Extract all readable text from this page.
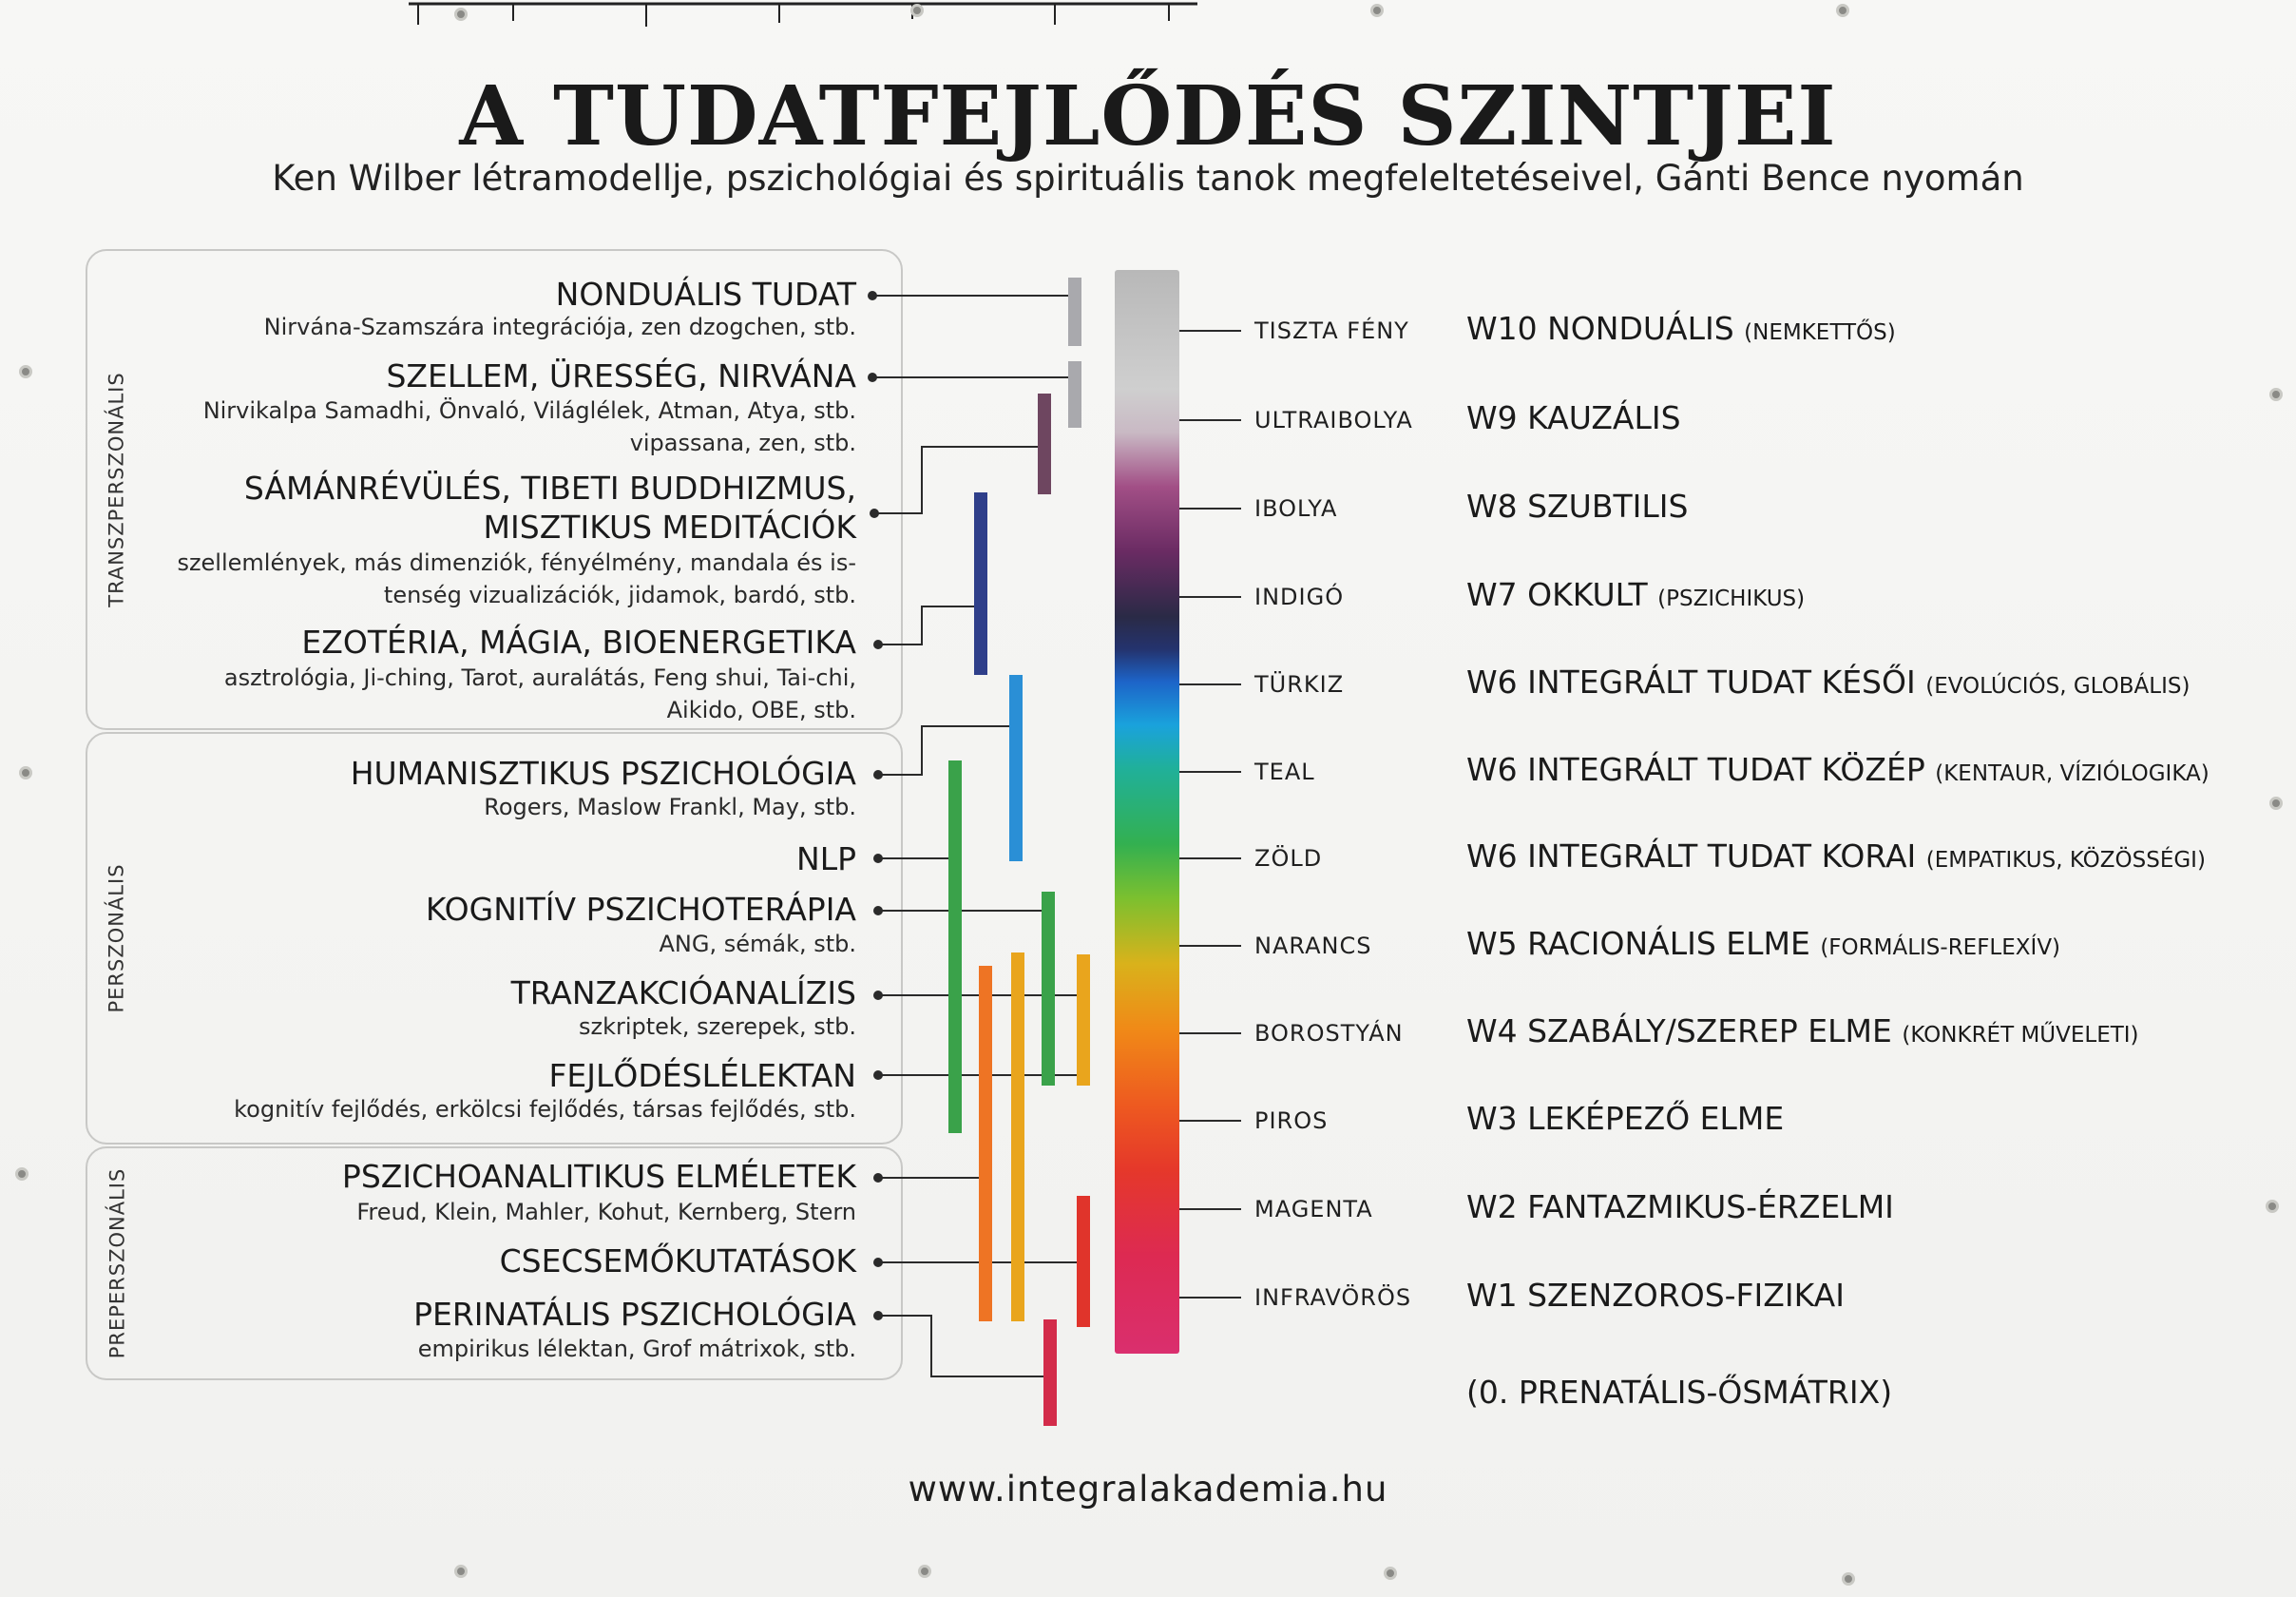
A TUDATFEJLŐDÉS SZINTJEI
Ken Wilber létramodellje, pszichológiai és spirituális tanok megfeleltetéseivel, Gánti Bence nyomán
TRANSZPERSZONÁLIS
PERSZONÁLIS
PREPERSZONÁLIS
NONDUÁLIS TUDAT
Nirvána-Szamszára integrációja, zen dzogchen, stb.
SZELLEM, ÜRESSÉG, NIRVÁNA
Nirvikalpa Samadhi, Önvaló, Világlélek, Atman, Atya, stb.
vipassana, zen, stb.
SÁMÁNRÉVÜLÉS, TIBETI BUDDHIZMUS,
MISZTIKUS MEDITÁCIÓK
szellemlények, más dimenziók, fényélmény, mandala és is-
tenség vizualizációk, jidamok, bardó, stb.
EZOTÉRIA, MÁGIA, BIOENERGETIKA
asztrológia, Ji-ching, Tarot, auralátás, Feng shui, Tai-chi,
Aikido, OBE, stb.
HUMANISZTIKUS PSZICHOLÓGIA
Rogers, Maslow Frankl, May, stb.
NLP
KOGNITÍV PSZICHOTERÁPIA
ANG, sémák, stb.
TRANZAKCIÓANALÍZIS
szkriptek, szerepek, stb.
FEJLŐDÉSLÉLEKTAN
kognitív fejlődés, erkölcsi fejlődés, társas fejlődés, stb.
PSZICHOANALITIKUS ELMÉLETEK
Freud, Klein, Mahler, Kohut, Kernberg, Stern
CSECSEMŐKUTATÁSOK
PERINATÁLIS PSZICHOLÓGIA
empirikus lélektan, Grof mátrixok, stb.
TISZTA FÉNY
ULTRAIBOLYA
IBOLYA
INDIGÓ
TÜRKIZ
TEAL
ZÖLD
NARANCS
BOROSTYÁN
PIROS
MAGENTA
INFRAVÖRÖS
W10 NONDUÁLIS (NEMKETTŐS)
W9 KAUZÁLIS
W8 SZUBTILIS
W7 OKKULT (PSZICHIKUS)
W6 INTEGRÁLT TUDAT KÉSŐI (EVOLÚCIÓS, GLOBÁLIS)
W6 INTEGRÁLT TUDAT KÖZÉP (KENTAUR, VÍZIÓLOGIKA)
W6 INTEGRÁLT TUDAT KORAI (EMPATIKUS, KÖZÖSSÉGI)
W5 RACIONÁLIS ELME (FORMÁLIS-REFLEXÍV)
W4 SZABÁLY/SZEREP ELME (KONKRÉT MŰVELETI)
W3 LEKÉPEZŐ ELME
W2 FANTAZMIKUS-ÉRZELMI
W1 SZENZOROS-FIZIKAI
(0. PRENATÁLIS-ŐSMÁTRIX)
www.integralakademia.hu
